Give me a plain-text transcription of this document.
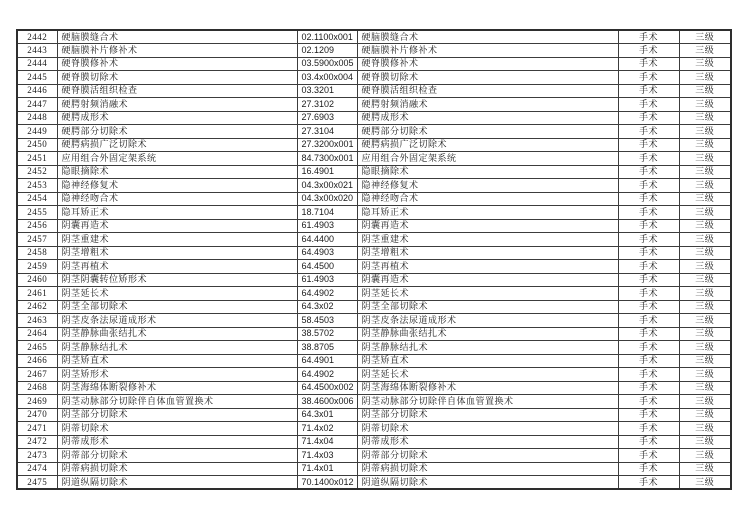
2442	硬脑膜缝合术	02.1100x001	硬脑膜缝合术	手术	三级
2443	硬脑膜补片修补术	02.1209	硬脑膜补片修补术	手术	三级
2444	硬脊膜修补术	03.5900x005	硬脊膜修补术	手术	三级
2445	硬脊膜切除术	03.4x00x004	硬脊膜切除术	手术	三级
2446	硬脊膜活组织检查	03.3201	硬脊膜活组织检查	手术	三级
2447	硬腭射频消融术	27.3102	硬腭射频消融术	手术	三级
2448	硬腭成形术	27.6903	硬腭成形术	手术	三级
2449	硬腭部分切除术	27.3104	硬腭部分切除术	手术	三级
2450	硬腭病损广泛切除术	27.3200x001	硬腭病损广泛切除术	手术	三级
2451	应用组合外固定架系统	84.7300x001	应用组合外固定架系统	手术	三级
2452	隐眼摘除术	16.4901	隐眼摘除术	手术	三级
2453	隐神经修复术	04.3x00x021	隐神经修复术	手术	三级
2454	隐神经吻合术	04.3x00x020	隐神经吻合术	手术	三级
2455	隐耳矫正术	18.7104	隐耳矫正术	手术	三级
2456	阴囊再造术	61.4903	阴囊再造术	手术	三级
2457	阴茎重建术	64.4400	阴茎重建术	手术	三级
2458	阴茎增粗术	64.4903	阴茎增粗术	手术	三级
2459	阴茎再植术	64.4500	阴茎再植术	手术	三级
2460	阴茎阴囊转位矫形术	61.4903	阴囊再造术	手术	三级
2461	阴茎延长术	64.4902	阴茎延长术	手术	三级
2462	阴茎全部切除术	64.3x02	阴茎全部切除术	手术	三级
2463	阴茎皮条法尿道成形术	58.4503	阴茎皮条法尿道成形术	手术	三级
2464	阴茎静脉曲张结扎术	38.5702	阴茎静脉曲张结扎术	手术	三级
2465	阴茎静脉结扎术	38.8705	阴茎静脉结扎术	手术	三级
2466	阴茎矫直术	64.4901	阴茎矫直术	手术	三级
2467	阴茎矫形术	64.4902	阴茎延长术	手术	三级
2468	阴茎海绵体断裂修补术	64.4500x002	阴茎海绵体断裂修补术	手术	三级
2469	阴茎动脉部分切除伴自体血管置换术	38.4600x006	阴茎动脉部分切除伴自体血管置换术	手术	三级
2470	阴茎部分切除术	64.3x01	阴茎部分切除术	手术	三级
2471	阴蒂切除术	71.4x02	阴蒂切除术	手术	三级
2472	阴蒂成形术	71.4x04	阴蒂成形术	手术	三级
2473	阴蒂部分切除术	71.4x03	阴蒂部分切除术	手术	三级
2474	阴蒂病损切除术	71.4x01	阴蒂病损切除术	手术	三级
2475	阴道纵隔切除术	70.1400x012	阴道纵隔切除术	手术	三级
